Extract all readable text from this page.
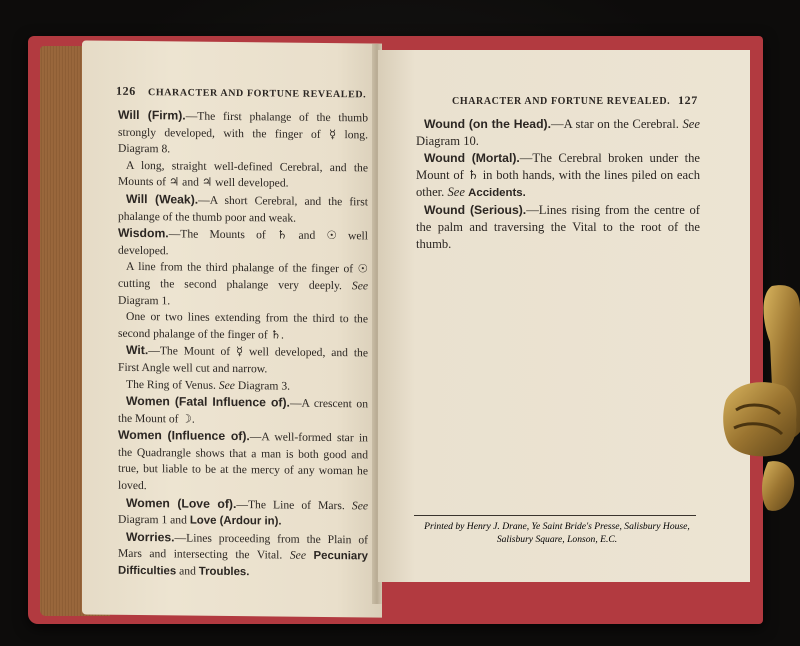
126 CHARACTER AND FORTUNE REVEALED.

Will (Firm).—The first phalange of the thumb strongly developed, with the finger of ☿ long. Diagram 8.

A long, straight well-defined Cerebral, and the Mounts of ♃ and ♃ well developed.

Will (Weak).—A short Cerebral, and the first phalange of the thumb poor and weak.

Wisdom.—The Mounts of ♄ and ☉ well developed.

A line from the third phalange of the finger of ☉ cutting the second phalange very deeply. See Diagram 1.

One or two lines extending from the third to the second phalange of the finger of ♄.

Wit.—The Mount of ☿ well developed, and the First Angle well cut and narrow.

The Ring of Venus. See Diagram 3.

Women (Fatal Influence of).—A crescent on the Mount of ☽.

Women (Influence of).—A well-formed star in the Quadrangle shows that a man is both good and true, but liable to be at the mercy of any woman he loved.

Women (Love of).—The Line of Mars. See Diagram 1 and Love (Ardour in).

Worries.—Lines proceeding from the Plain of Mars and intersecting the Vital. See Pecuniary Difficulties and Troubles.

CHARACTER AND FORTUNE REVEALED. 127

Wound (on the Head).—A star on the Cerebral. See Diagram 10.

Wound (Mortal).—The Cerebral broken under the Mount of ♄ in both hands, with the lines piled on each other. See Accidents.

Wound (Serious).—Lines rising from the centre of the palm and traversing the Vital to the root of the thumb.

Printed by Henry J. Drane, Ye Saint Bride's Presse, Salisbury House, Salisbury Square, Lonson, E.C.
